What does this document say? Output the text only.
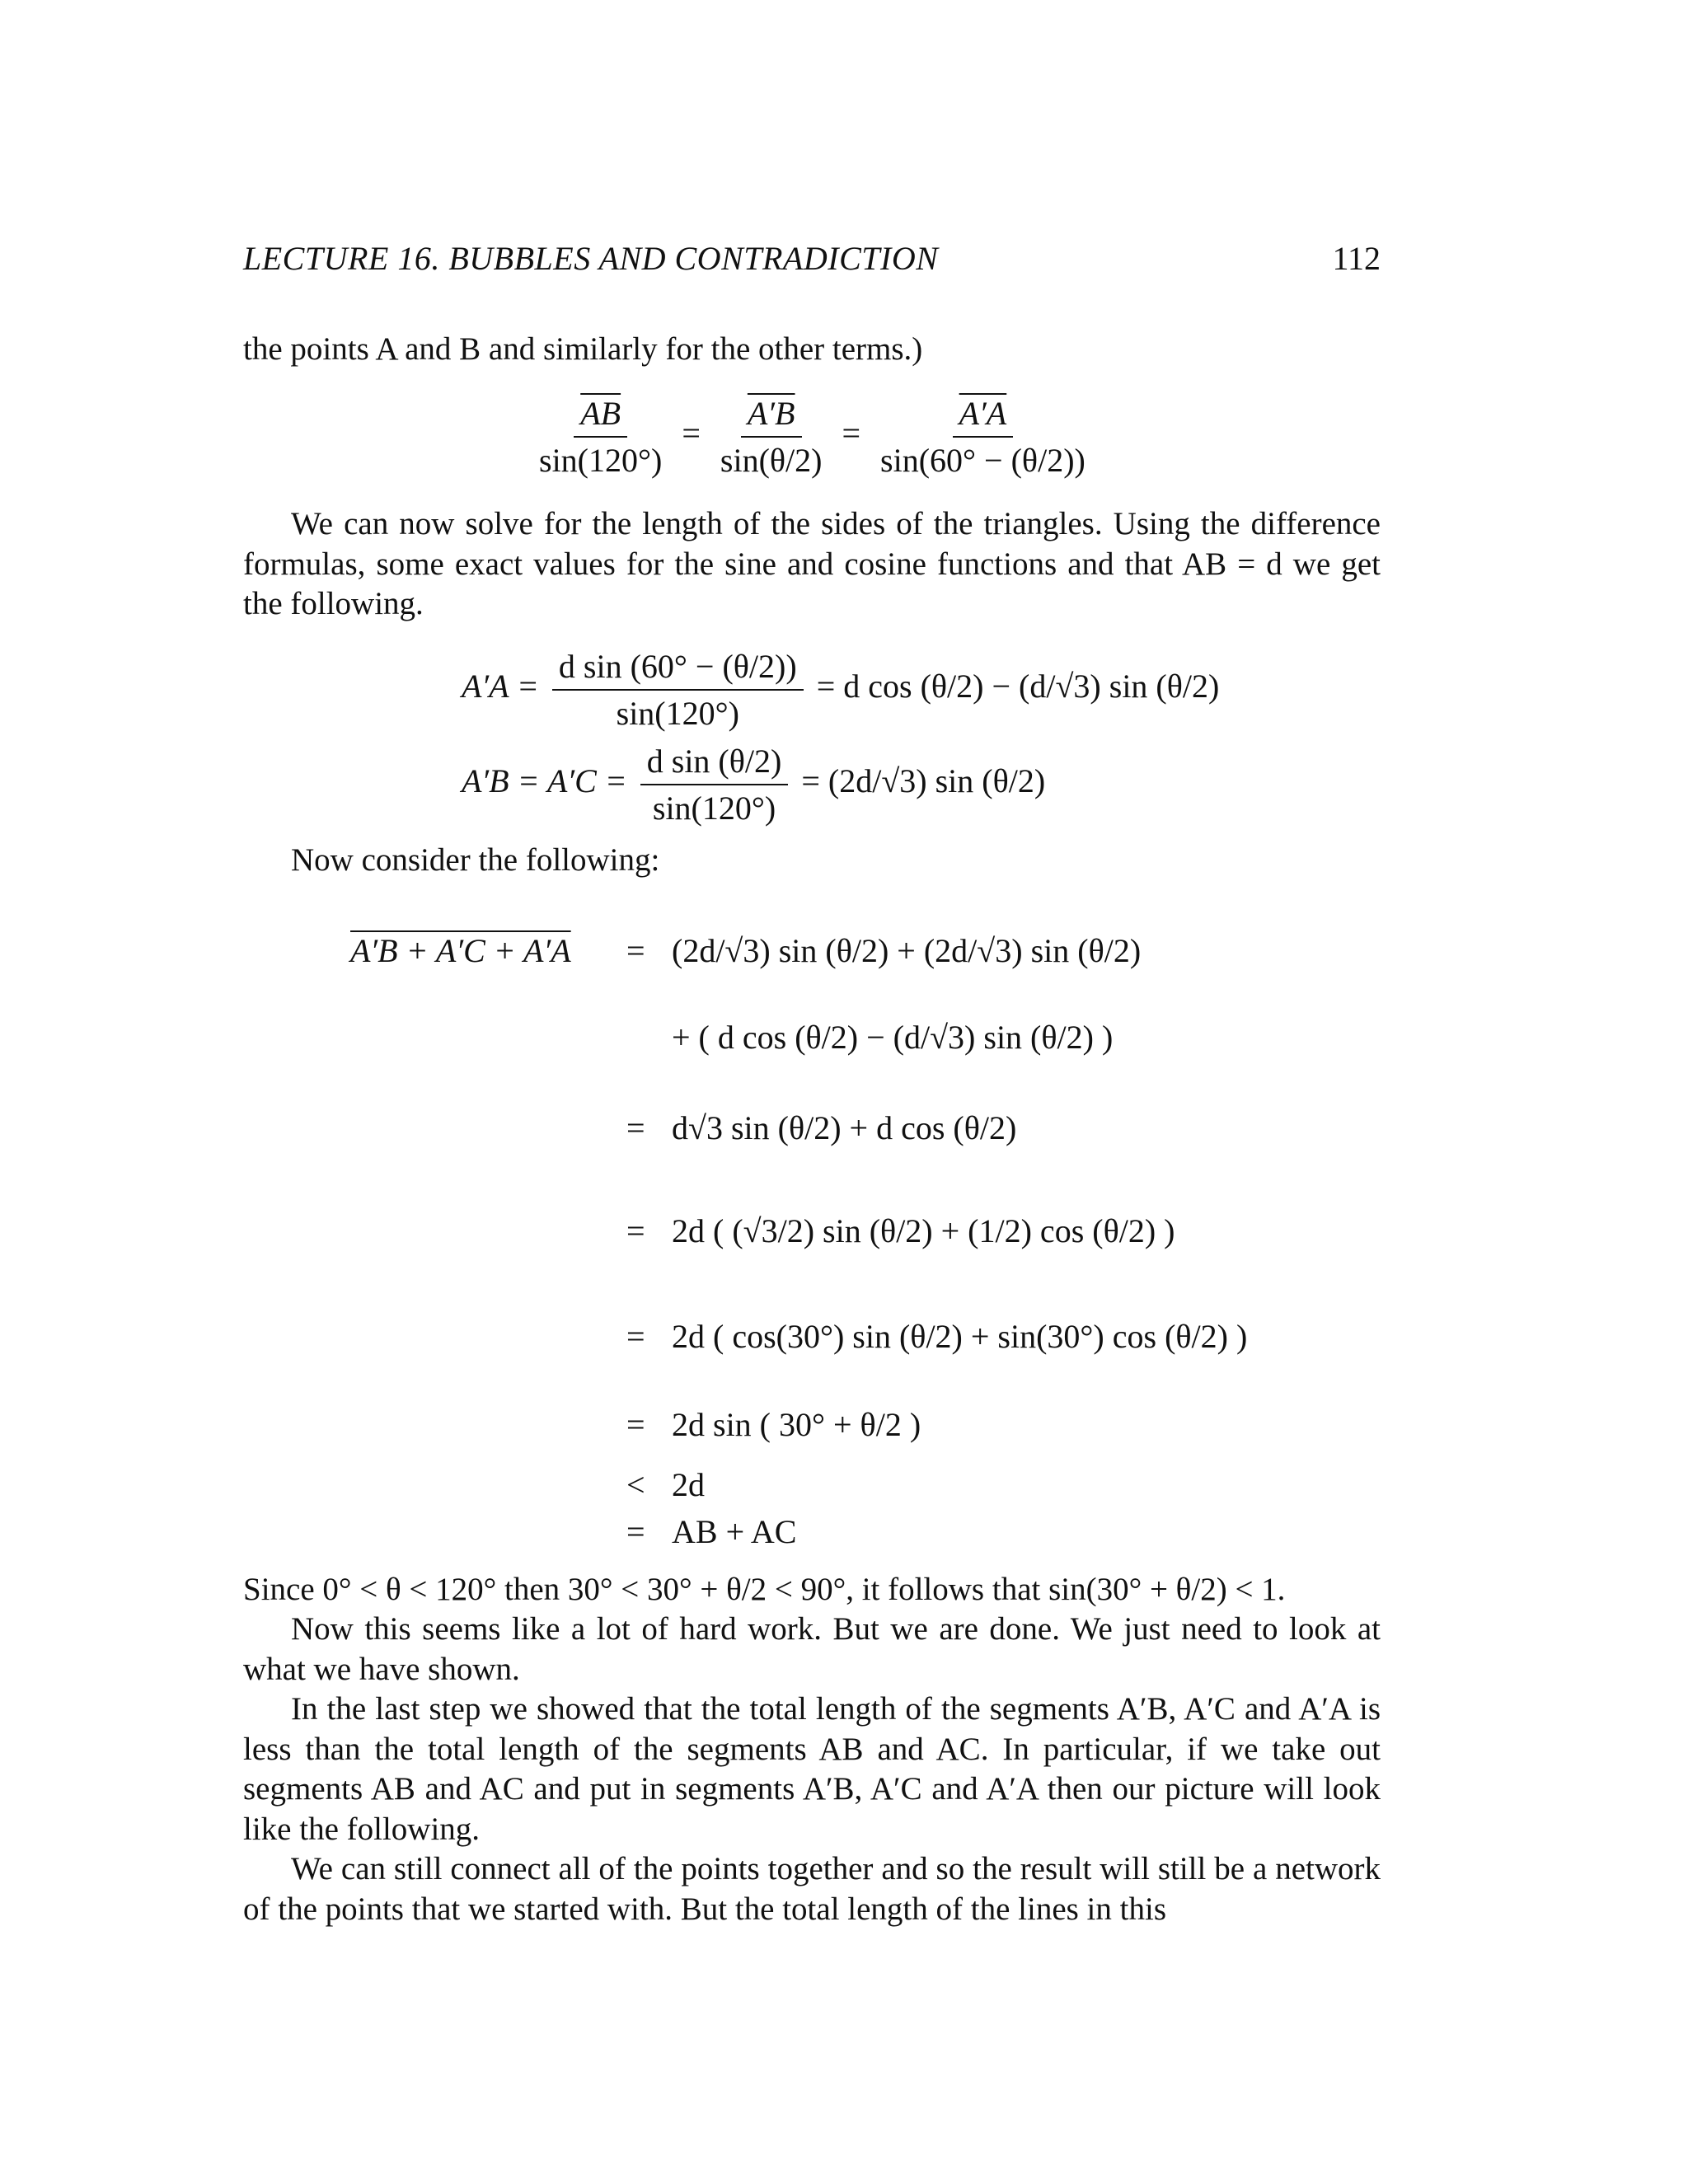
LECTURE 16. BUBBLES AND CONTRADICTION	112
the points A and B and similarly for the other terms.)
$\frac{\overline{AB}}{\sin(120^\circ)} = \frac{A'B}{\sin(\theta/2)} = \frac{A'A}{\sin(60^\circ - (\theta/2))}$
We can now solve for the length of the sides of the triangles. Using the difference formulas, some exact values for the sine and cosine functions and that AB = d we get the following.
$A'A = \frac{\text{d sin (60° − (θ/2))}}{\sin(120^\circ)} = d$ cos (θ/2) − (d/√3) sin (θ/2)
$A'B = A'C = \frac{\text{d sin (θ/2)}}{\sin(120^\circ)} = (2d/√3)$ sin (θ/2)
Now consider the following:
A′B + A′C + A′A = (2d/√3) sin (θ/2) + (2d/√3) sin (θ/2)
+ ( d cos (θ/2) − (d/√3) sin (θ/2) )
= d√3 sin (θ/2) + d cos (θ/2)
= 2d ( (√3/2) sin (θ/2) + (1/2) cos (θ/2) )
= 2d ( cos(30°) sin (θ/2) + sin(30°) cos (θ/2) )
= 2d sin ( 30° + θ/2 )
< 2d
= AB + AC
Since 0° < θ < 120° then 30° < 30° + θ/2 < 90°, it follows that sin(30° + θ/2) < 1.
Now this seems like a lot of hard work. But we are done. We just need to look at what we have shown.
In the last step we showed that the total length of the segments A′B, A′C and A′A is less than the total length of the segments AB and AC. In particular, if we take out segments AB and AC and put in segments A′B, A′C and A′A then our picture will look like the following.
We can still connect all of the points together and so the result will still be a network of the points that we started with. But the total length of the lines in this
